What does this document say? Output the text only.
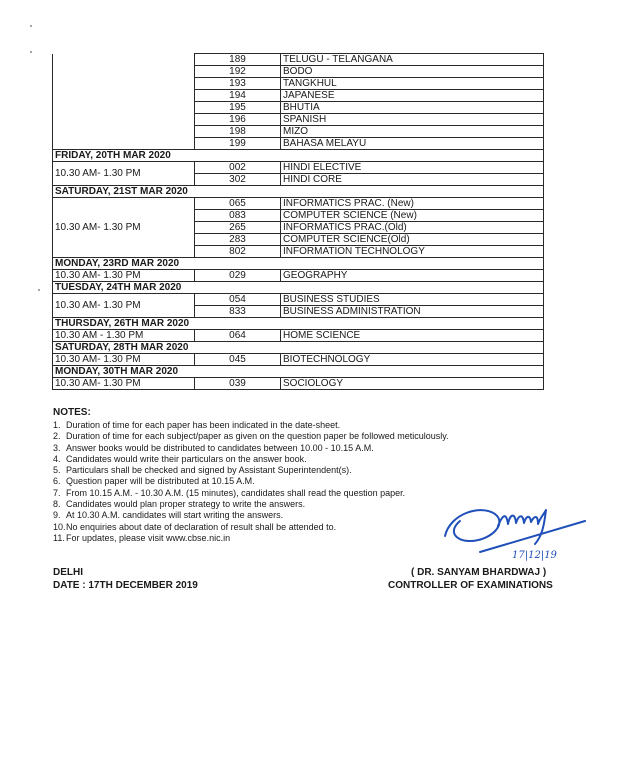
	189	TELUGU - TELANGANA
	192	BODO
	193	TANGKHUL
	194	JAPANESE
	195	BHUTIA
	196	SPANISH
	198	MIZO
	199	BAHASA MELAYU
FRIDAY, 20TH MAR 2020		
10.30 AM- 1.30 PM	002	HINDI ELECTIVE
	302	HINDI CORE
SATURDAY, 21ST MAR 2020		
10.30 AM- 1.30 PM	065	INFORMATICS PRAC. (New)
	083	COMPUTER SCIENCE (New)
	265	INFORMATICS PRAC.(Old)
	283	COMPUTER SCIENCE(Old)
	802	INFORMATION TECHNOLOGY
MONDAY, 23RD MAR 2020		
10.30 AM- 1.30 PM	029	GEOGRAPHY
TUESDAY, 24TH MAR 2020		
10.30 AM- 1.30 PM	054	BUSINESS STUDIES
	833	BUSINESS ADMINISTRATION
THURSDAY, 26TH MAR 2020		
10.30 AM - 1.30 PM	064	HOME SCIENCE
SATURDAY, 28TH MAR 2020		
10.30 AM- 1.30 PM	045	BIOTECHNOLOGY
MONDAY, 30TH MAR 2020		
10.30 AM- 1.30 PM	039	SOCIOLOGY
NOTES:
1. Duration of time for each paper has been indicated in the date-sheet.
2. Duration of time for each subject/paper as given on the question paper be followed meticulously.
3. Answer books would be distributed to candidates between 10.00 - 10.15 A.M.
4. Candidates would write their particulars on the answer book.
5. Particulars shall be checked and signed by Assistant Superintendent(s).
6. Question paper will be distributed at 10.15 A.M.
7. From 10.15 A.M. - 10.30 A.M. (15 minutes), candidates shall read the question paper.
8. Candidates would plan proper strategy to write the answers.
9. At 10.30 A.M. candidates will start writing the answers.
10. No enquiries about date of declaration of result shall be attended to.
11. For updates, please visit www.cbse.nic.in
DELHI
DATE : 17TH DECEMBER 2019
17|12|19
( DR. SANYAM BHARDWAJ )
CONTROLLER OF EXAMINATIONS
